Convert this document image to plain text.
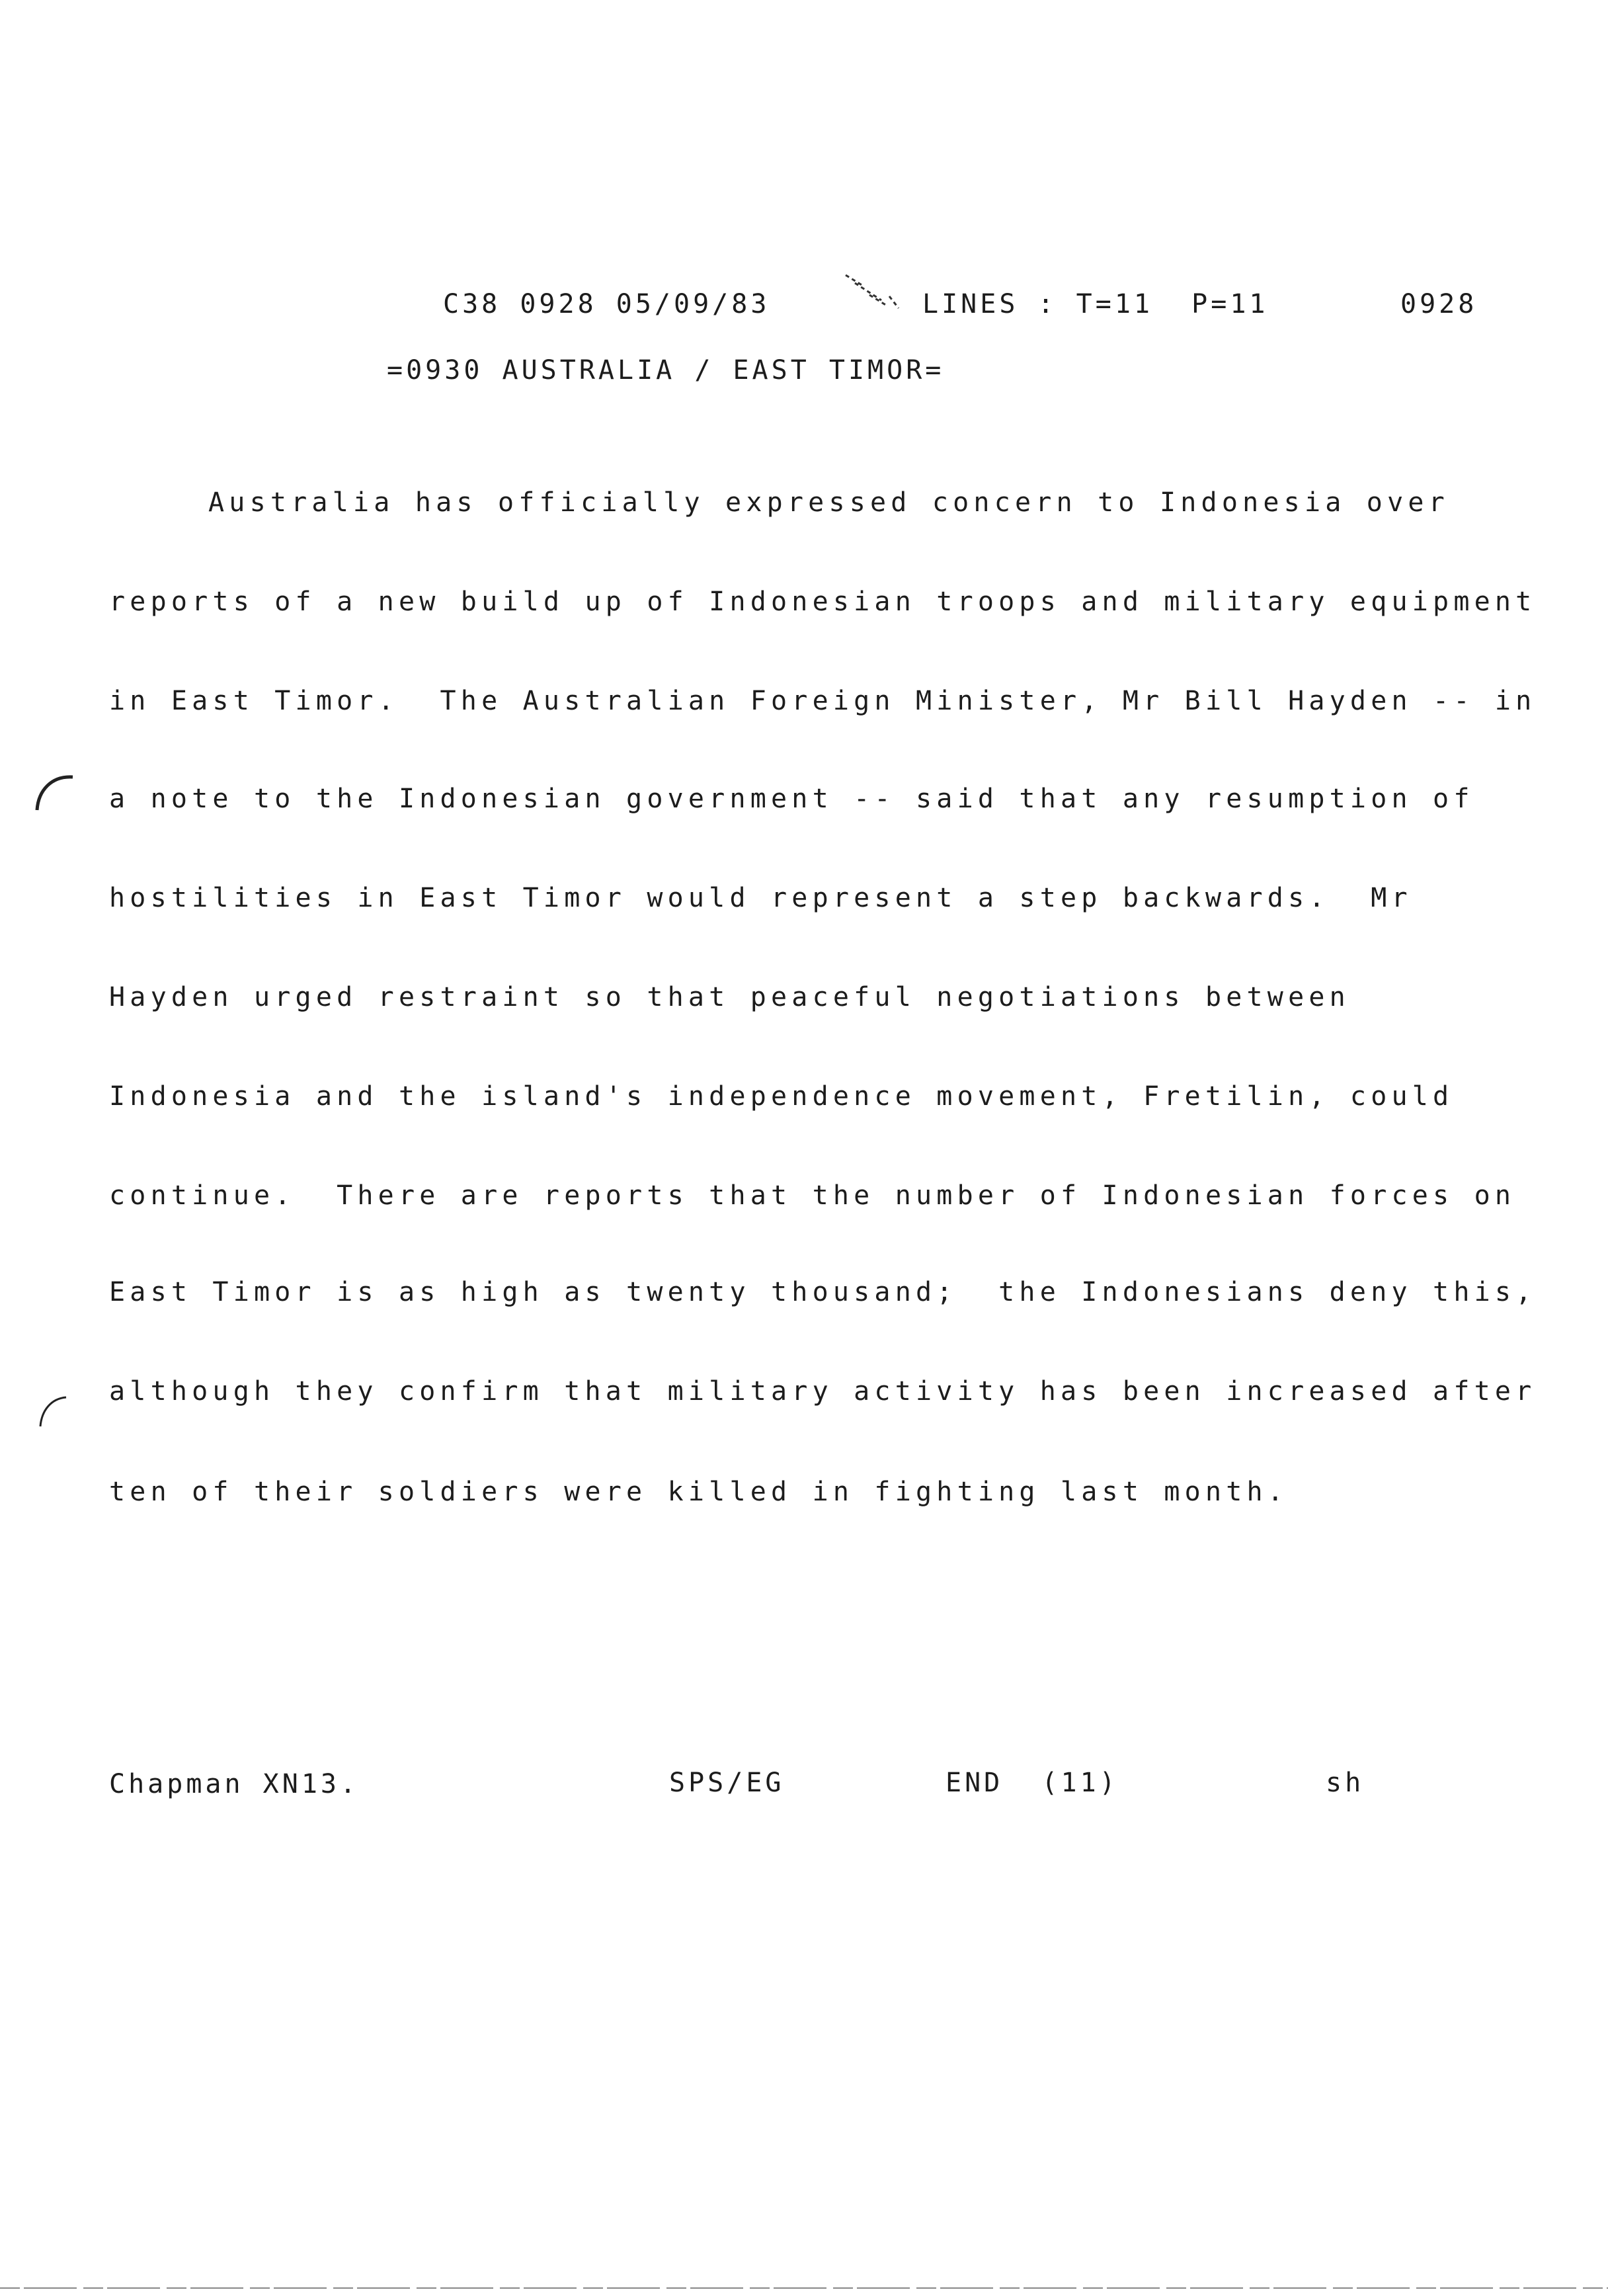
C38 0928 05/09/83	LINES : T=11  P=11	0928
=0930 AUSTRALIA / EAST TIMOR=
Australia has officially expressed concern to Indonesia over
reports of a new build up of Indonesian troops and military equipment
in East Timor.  The Australian Foreign Minister, Mr Bill Hayden -- in
a note to the Indonesian government -- said that any resumption of
hostilities in East Timor would represent a step backwards.  Mr
Hayden urged restraint so that peaceful negotiations between
Indonesia and the island's independence movement, Fretilin, could
continue.  There are reports that the number of Indonesian forces on
East Timor is as high as twenty thousand;  the Indonesians deny this,
although they confirm that military activity has been increased after
ten of their soldiers were killed in fighting last month.
Chapman XN13.	SPS/EG	END  (11)	sh
